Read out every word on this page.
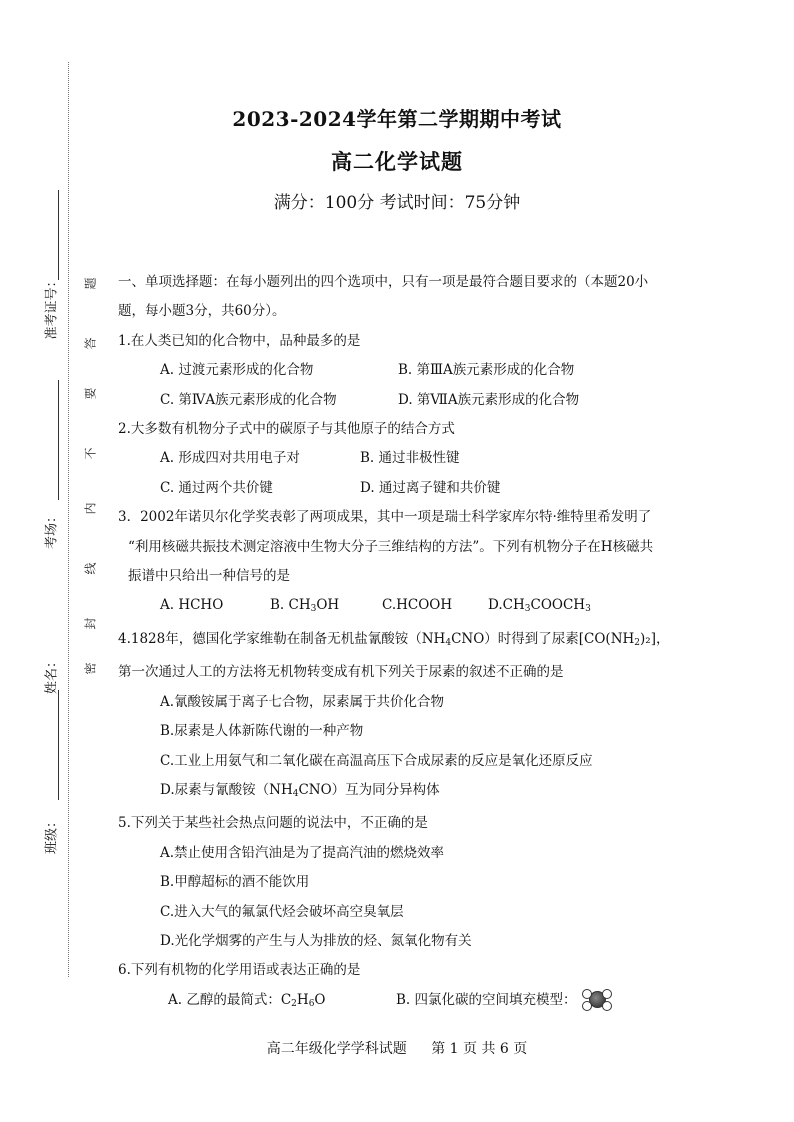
准考证号：
考场：
姓名：
班级：
题
答
要
不
内
线
封
密
2023-2024学年第二学期期中考试
高二化学试题
满分：100分 考试时间：75分钟

一、单项选择题：在每小题列出的四个选项中，只有一项是最符合题目要求的（本题20小

题，每小题3分，共60分）。

1.在人类已知的化合物中，品种最多的是

A. 过渡元素形成的化合物	B. 第ⅢA族元素形成的化合物
C. 第ⅣA族元素形成的化合物	D. 第ⅦA族元素形成的化合物

2.大多数有机物分子式中的碳原子与其他原子的结合方式

A. 形成四对共用电子对	B. 通过非极性键
C. 通过两个共价键	D. 通过离子键和共价键

3．2002年诺贝尔化学奖表彰了两项成果，其中一项是瑞士科学家库尔特·维特里希发明了

“利用核磁共振技术测定溶液中生物大分子三维结构的方法”。下列有机物分子在H核磁共

振谱中只给出一种信号的是

A. HCHO	B. CH3OH	C.HCOOH	D.CH3COOCH3

4.1828年，德国化学家维勒在制备无机盐氰酸铵$(NH_4CNO)$时得到了尿素$[CO(NH_2)_2]$，

第一次通过人工的方法将无机物转变成有机下列关于尿素的叙述不正确的是

A.氰酸铵属于离子七合物，尿素属于共价化合物

B.尿素是人体新陈代谢的一种产物

C.工业上用氨气和二氧化碳在高温高压下合成尿素的反应是氧化还原反应

D.尿素与氰酸铵$(NH_4CNO)$互为同分异构体

5.下列关于某些社会热点问题的说法中，不正确的是

A.禁止使用含铅汽油是为了提高汽油的燃烧效率

B.甲醇超标的酒不能饮用

C.进入大气的氟氯代烃会破坏高空臭氧层

D.光化学烟雾的产生与人为排放的烃、氮氧化物有关

6.下列有机物的化学用语或表达正确的是

A. 乙醇的最简式：$C_2H_6O$	B. 四氯化碳的空间填充模型：
高二年级化学学科试题 第 1 页 共 6 页
